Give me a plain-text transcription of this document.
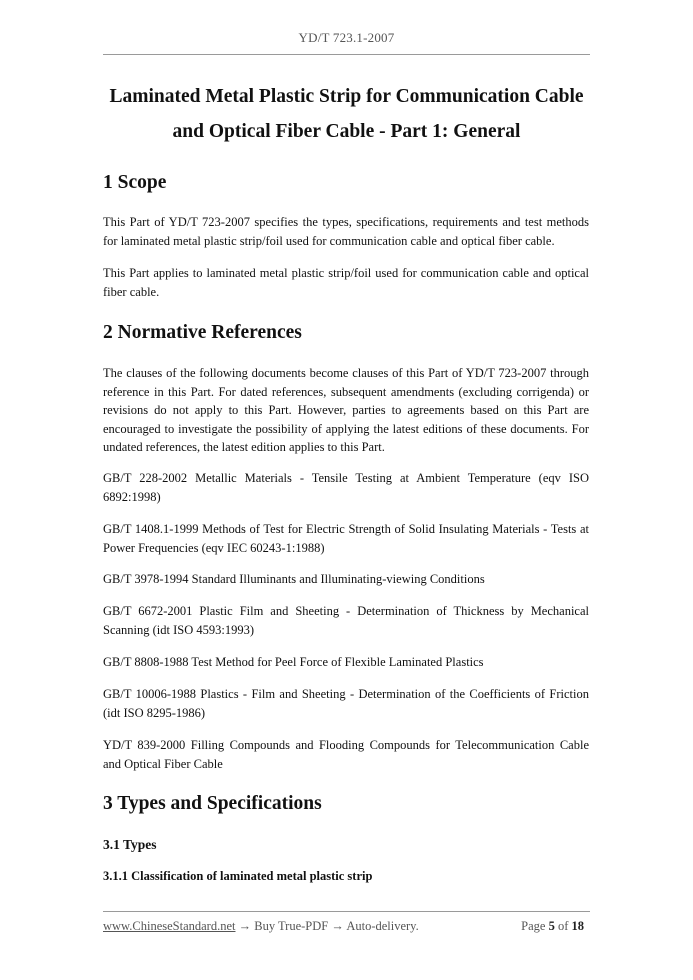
YD/T 723.1-2007
Laminated Metal Plastic Strip for Communication Cable
and Optical Fiber Cable - Part 1: General
1 Scope
This Part of YD/T 723-2007 specifies the types, specifications, requirements and test methods for laminated metal plastic strip/foil used for communication cable and optical fiber cable.
This Part applies to laminated metal plastic strip/foil used for communication cable and optical fiber cable.
2 Normative References
The clauses of the following documents become clauses of this Part of YD/T 723-2007 through reference in this Part. For dated references, subsequent amendments (excluding corrigenda) or revisions do not apply to this Part. However, parties to agreements based on this Part are encouraged to investigate the possibility of applying the latest editions of these documents. For undated references, the latest edition applies to this Part.
GB/T 228-2002 Metallic Materials - Tensile Testing at Ambient Temperature (eqv ISO 6892:1998)
GB/T 1408.1-1999 Methods of Test for Electric Strength of Solid Insulating Materials - Tests at Power Frequencies (eqv IEC 60243-1:1988)
GB/T 3978-1994 Standard Illuminants and Illuminating-viewing Conditions
GB/T 6672-2001 Plastic Film and Sheeting - Determination of Thickness by Mechanical Scanning (idt ISO 4593:1993)
GB/T 8808-1988 Test Method for Peel Force of Flexible Laminated Plastics
GB/T 10006-1988 Plastics - Film and Sheeting - Determination of the Coefficients of Friction (idt ISO 8295-1986)
YD/T 839-2000 Filling Compounds and Flooding Compounds for Telecommunication Cable and Optical Fiber Cable
3 Types and Specifications
3.1 Types
3.1.1 Classification of laminated metal plastic strip
www.ChineseStandard.net → Buy True-PDF → Auto-delivery.	Page 5 of 18
